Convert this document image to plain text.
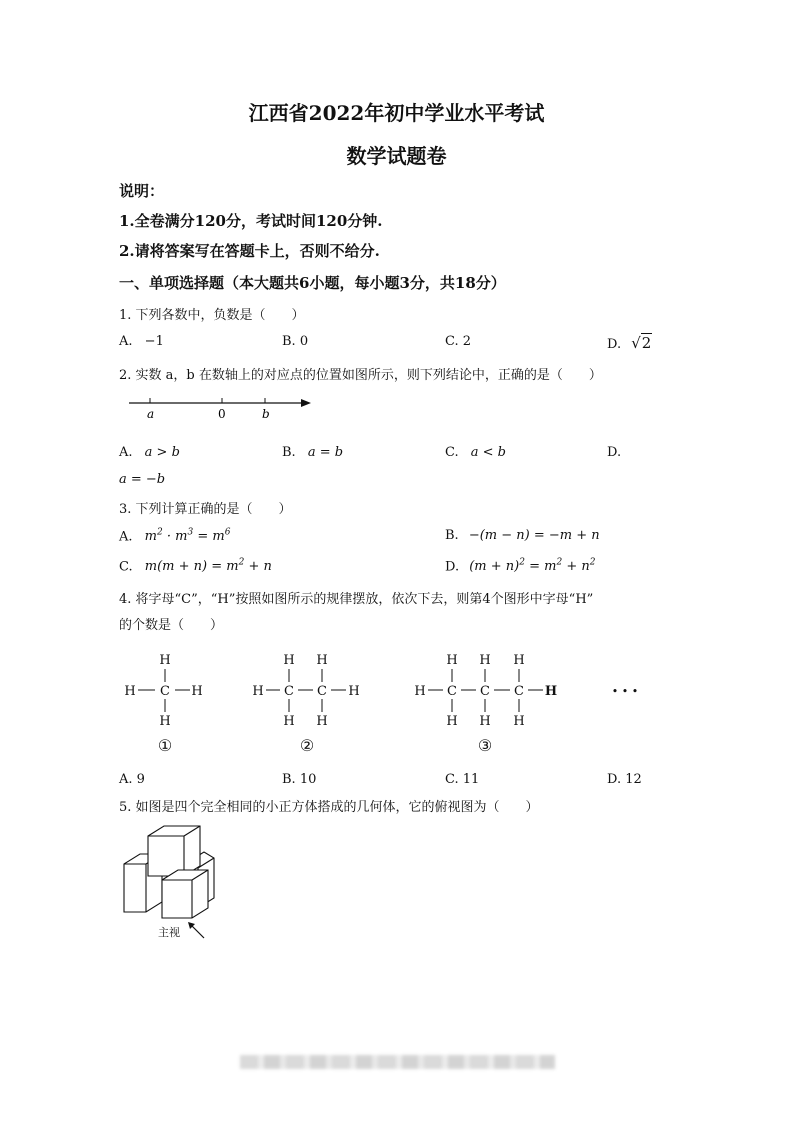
江西省2022年初中学业水平考试
数学试题卷
说明：
1.全卷满分120分，考试时间120分钟.
2.请将答案写在答题卡上，否则不给分.
一、单项选择题（本大题共6小题，每小题3分，共18分）
1. 下列各数中，负数是（　　）
A. −1	B. 0	C. 2	D. √2
2. 实数 a，b 在数轴上的对应点的位置如图所示，则下列结论中，正确的是（　　）
a	0	b
A. a > b	B. a = b	C. a < b	D.
a = −b
3. 下列计算正确的是（　　）
A. $m^2 \cdot m^3 = m^6$	B. −(m − n) = −m + n
C. $m(m + n) = m^2 + n$	D. $(m + n)^2 = m^2 + n^2$
4. 将字母“C”，“H”按照如图所示的规律摆放，依次下去，则第4个图形中字母“H”
的个数是（　　）
H
H C H
H
①
H H
H C C H
H H
②
H H H
H C C C H
H H H
③
• • •
A. 9	B. 10	C. 11	D. 12
5. 如图是四个完全相同的小正方体搭成的几何体，它的俯视图为（　　）
主视
